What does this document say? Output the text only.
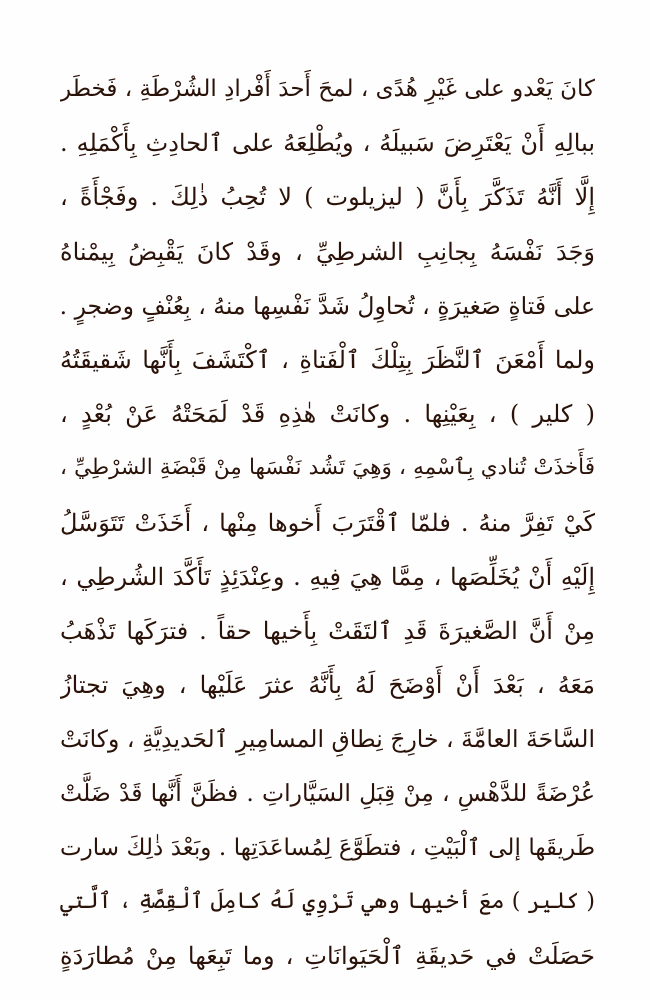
كانَ يَعْدو على غَيْرِ هُدًى ، لمحَ أَحدَ أَفْرادِ الشُرْطَةِ ، فَخطَر
ببالِهِ أَنْ يَعْتَرِضَ سَبيلَهُ ، ويُطْلِعَهُ على ٱلحادِثِ بِأَكْمَلِهِ .
إِلَّا أَنَّهُ تَذَكَّرَ بِأَنَّ ( ليزيلوت ) لا تُحِبُ ذٰلِكَ . وفَجْأَةً ،
وَجَدَ نَفْسَهُ بِجانِبِ الشرطِيِّ ، وقَدْ كانَ يَقْبِضُ بِيمْناهُ
على فَتاةٍ صَغيرَةٍ ، تُحاوِلُ شَدَّ نَفْسِها منهُ ، بِعُنْفٍ وضجرٍ .
ولما أَمْعَنَ ٱلنَّظَرَ بِتِلْكَ ٱلْفَتاةِ ، ٱكْتَشَفَ بِأَنَّها شَقيقَتُهُ
( كلير ) ، بِعَيْنِها . وكانَتْ هٰذِهِ قَدْ لَمَحَتْهُ عَنْ بُعْدٍ ،
فَأَخذَتْ تُنادي بِٱسْمِهِ ، وَهِيَ تَشُد نَفْسَها مِنْ قَبْضَةِ الشرْطِيِّ ،
كَيْ تَفِرَّ منهُ . فلمّا ٱقْتَرَبَ أَخوها مِنْها ، أَخَذَتْ تَتَوَسَّلُ
إِلَيْهِ أَنْ يُخَلِّصَها ، مِمَّا هِيَ فِيهِ . وعِنْدَئِذٍ تَأَكَّدَ الشُرطِي ،
مِنْ أَنَّ الصَّغيرَةَ قَدِ ٱلتَقَتْ بِأَخيها حقاً . فترَكَها تَذْهَبُ
مَعَهُ ، بَعْدَ أَنْ أَوْضَحَ لَهُ بِأَنَّهُ عثرَ عَلَيْها ، وهِيَ تجتازُ
السَّاحَةَ العامَّةَ ، خارِجَ نِطاقِ المسامِيرِ ٱلحَديدِيَّةِ ، وكانَتْ
عُرْضَةً للدَّهْسِ ، مِنْ قِبَلِ السَيَّاراتِ . فظَنَّ أَنَّها قَدْ ضَلَّتْ
طَريقَها إلى ٱلْبَيْتِ ، فتطَوَّعَ لِمُساعَدَتِها . وبَعْدَ ذٰلِكَ سارت
( كلير ) معَ أخيها وهي تَرْوِي لَهُ كامِلَ ٱلْقِصَّةِ ، ٱلَّتي
حَصَلَتْ في حَديقَةِ ٱلْحَيَوانَاتِ ، وما تَبِعَها مِنْ مُطارَدَةٍ
